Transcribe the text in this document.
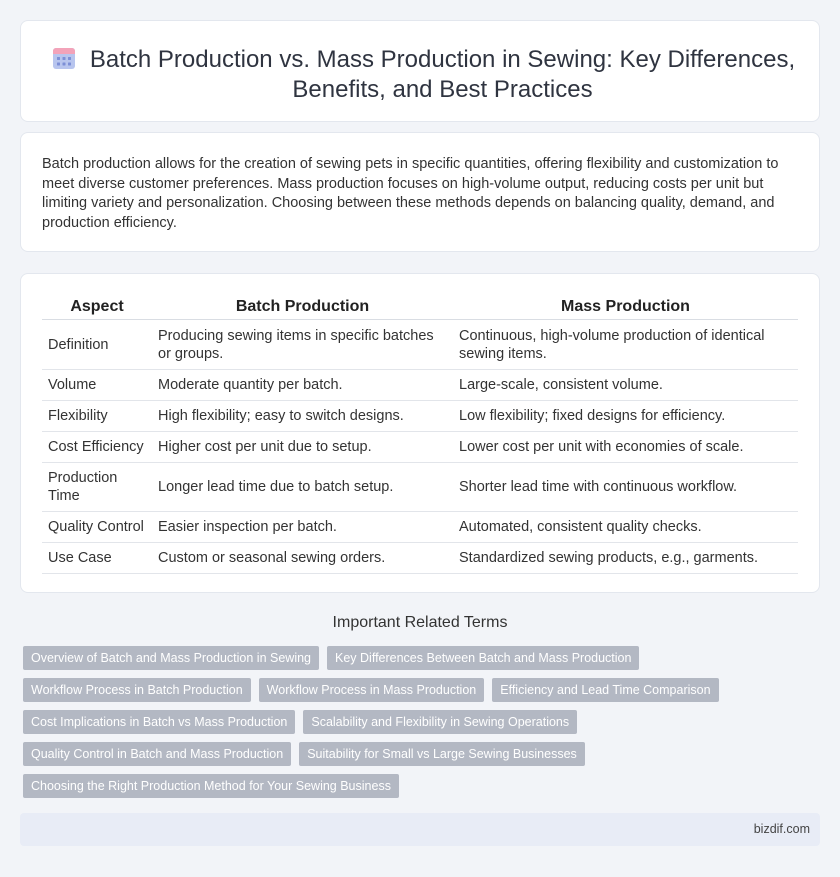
Batch Production vs. Mass Production in Sewing: Key Differences, Benefits, and Best Practices

Batch production allows for the creation of sewing pets in specific quantities, offering flexibility and customization to meet diverse customer preferences. Mass production focuses on high-volume output, reducing costs per unit but limiting variety and personalization. Choosing between these methods depends on balancing quality, demand, and production efficiency.

Aspect	Batch Production	Mass Production
Definition	Producing sewing items in specific batches or groups.	Continuous, high-volume production of identical sewing items.
Volume	Moderate quantity per batch.	Large-scale, consistent volume.
Flexibility	High flexibility; easy to switch designs.	Low flexibility; fixed designs for efficiency.
Cost Efficiency	Higher cost per unit due to setup.	Lower cost per unit with economies of scale.
Production Time	Longer lead time due to batch setup.	Shorter lead time with continuous workflow.
Quality Control	Easier inspection per batch.	Automated, consistent quality checks.
Use Case	Custom or seasonal sewing orders.	Standardized sewing products, e.g., garments.
Important Related Terms
Overview of Batch and Mass Production in Sewing	Key Differences Between Batch and Mass Production
Workflow Process in Batch Production	Workflow Process in Mass Production	Efficiency and Lead Time Comparison
Cost Implications in Batch vs Mass Production	Scalability and Flexibility in Sewing Operations
Quality Control in Batch and Mass Production	Suitability for Small vs Large Sewing Businesses
Choosing the Right Production Method for Your Sewing Business
bizdif.com
